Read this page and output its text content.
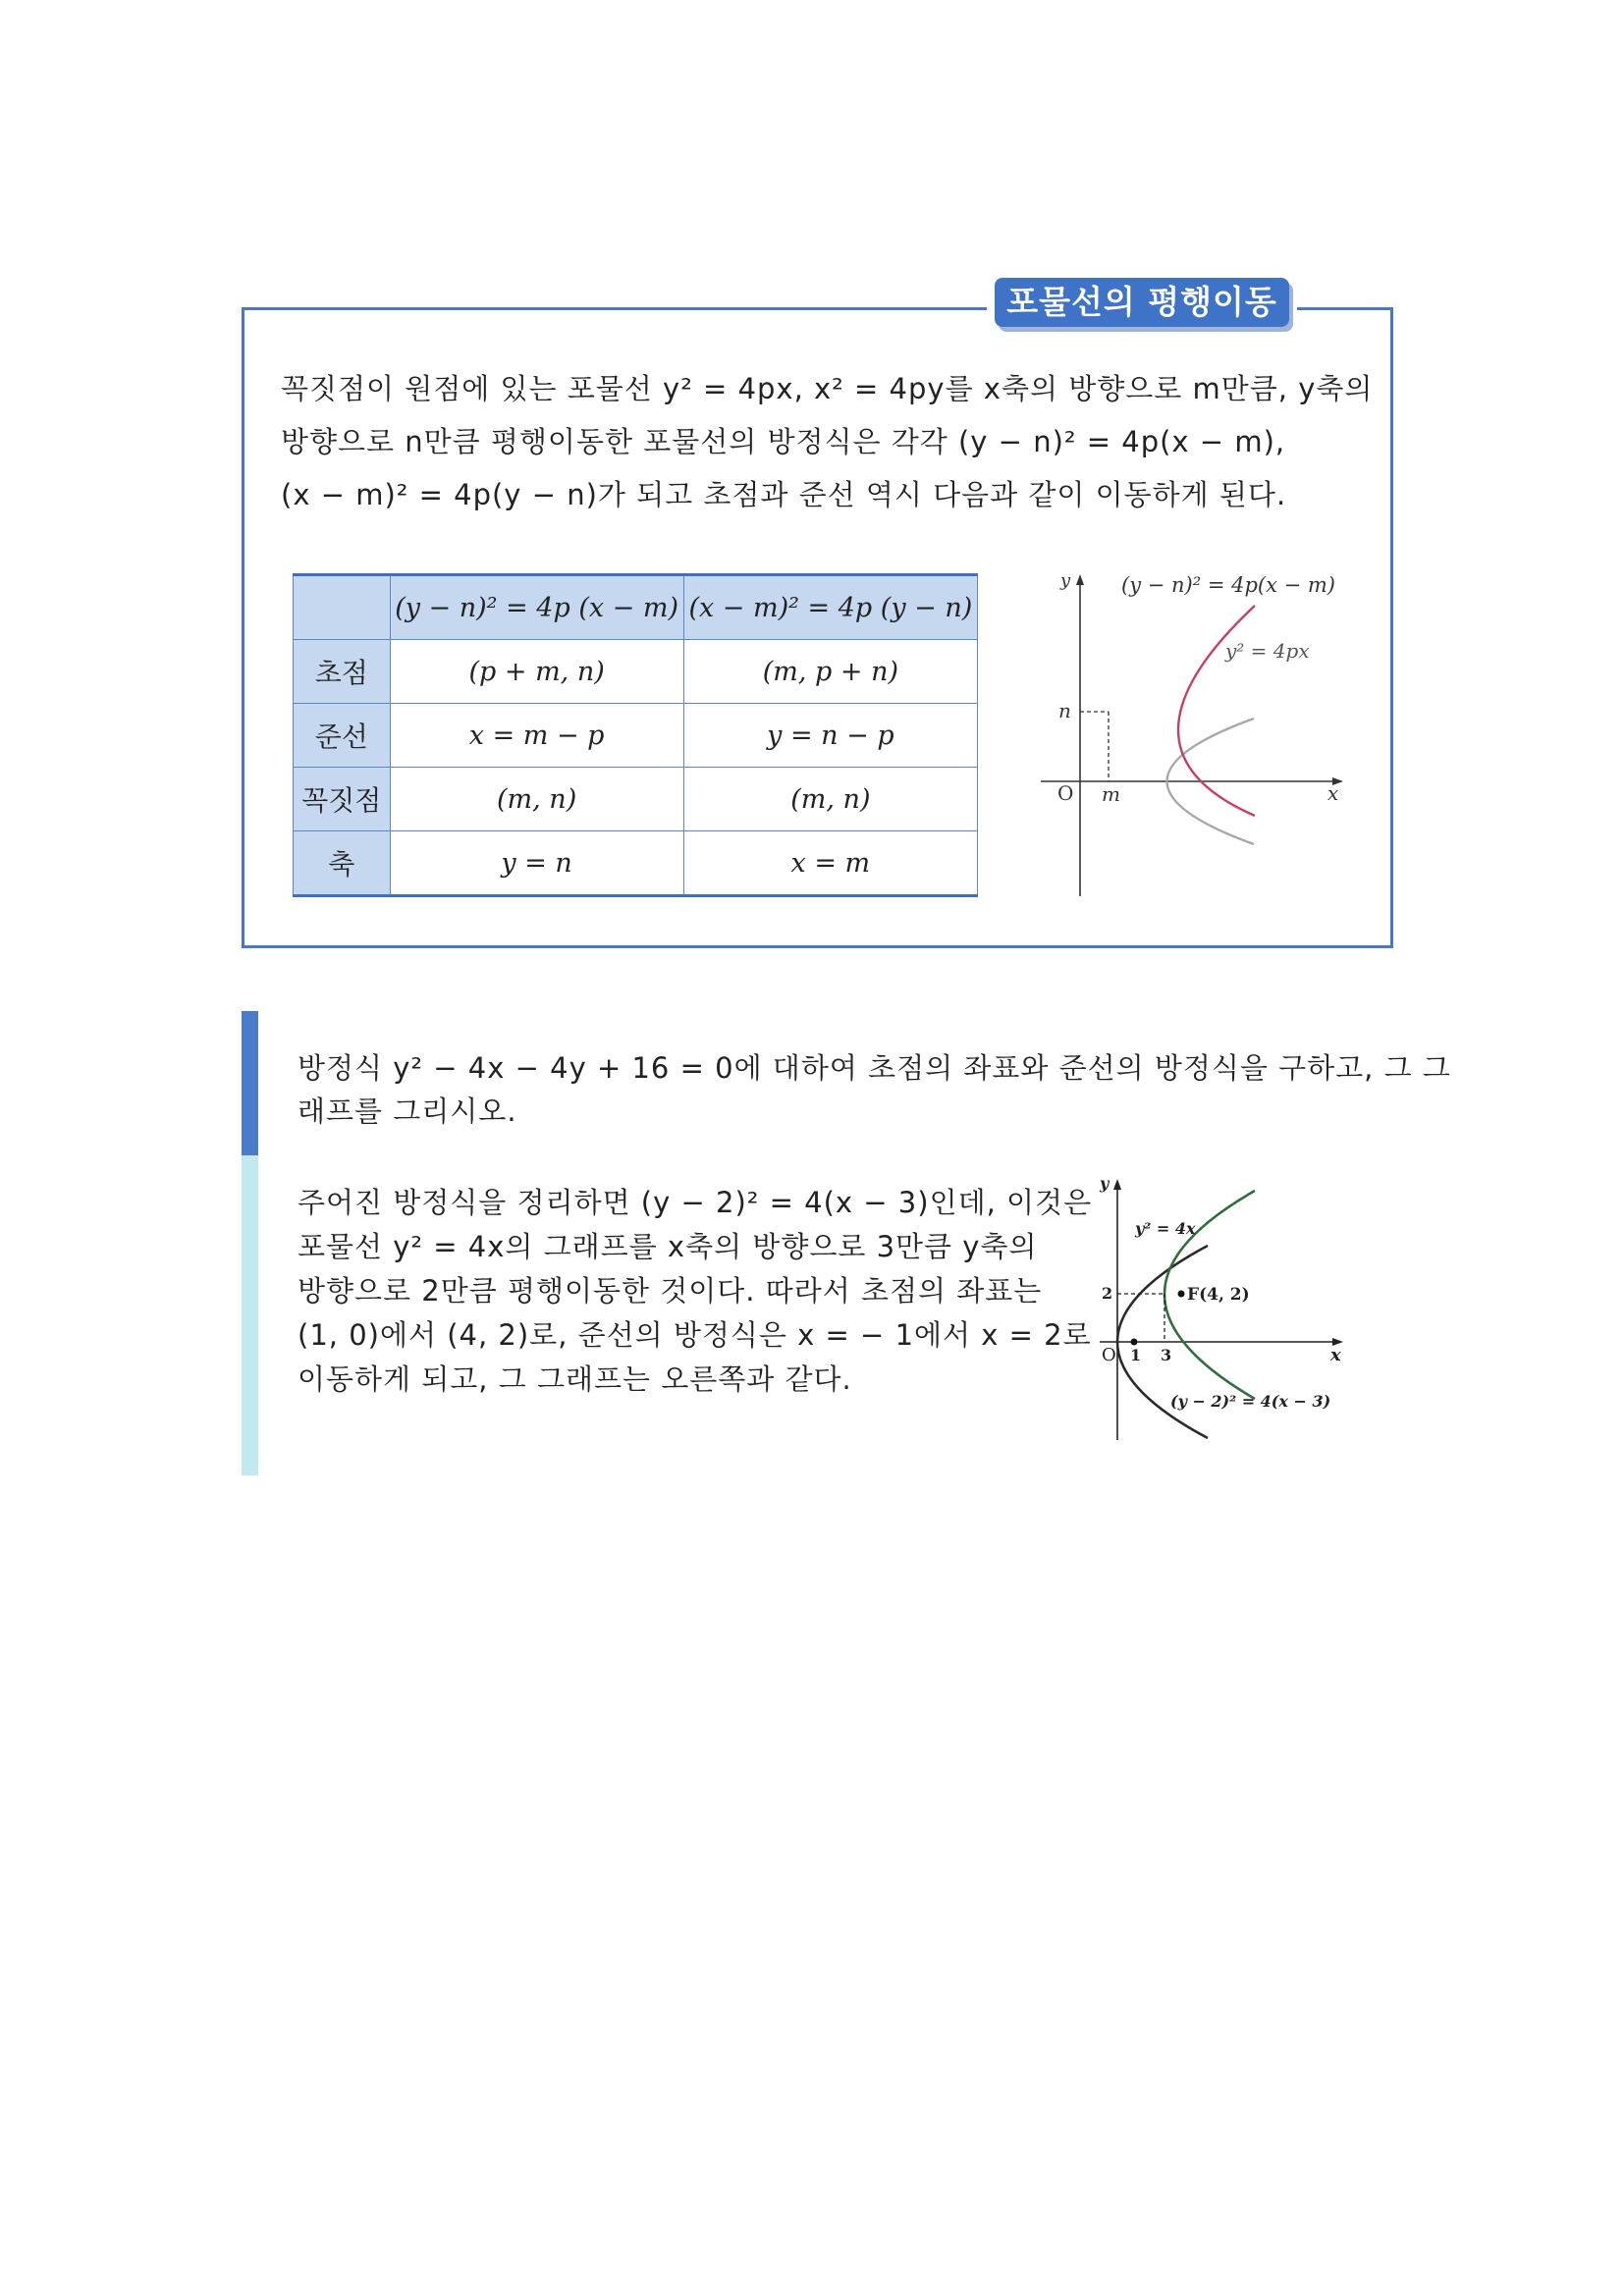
포물선의 평행이동
꼭짓점이 원점에 있는 포물선 y² = 4px, x² = 4py를 x축의 방향으로 m만큼, y축의
방향으로 n만큼 평행이동한 포물선의 방정식은 각각 (y − n)² = 4p(x − m),
(x − m)² = 4p(y − n)가 되고 초점과 준선 역시 다음과 같이 이동하게 된다.
	(y − n)² = 4p (x − m)	(x − m)² = 4p (y − n)
초점	(p + m, n)	(m, p + n)
준선	x = m − p	y = n − p
꼭짓점	(m, n)	(m, n)
축	y = n	x = m
y
x
O m
n
(y − n)² = 4p(x − m)
y² = 4px
방정식 y² − 4x − 4y + 16 = 0에 대하여 초점의 좌표와 준선의 방정식을 구하고, 그 그
래프를 그리시오.
주어진 방정식을 정리하면 (y − 2)² = 4(x − 3)인데, 이것은
포물선 y² = 4x의 그래프를 x축의 방향으로 3만큼 y축의
방향으로 2만큼 평행이동한 것이다. 따라서 초점의 좌표는
(1, 0)에서 (4, 2)로, 준선의 방정식은 x = − 1에서 x = 2로
이동하게 되고, 그 그래프는 오른쪽과 같다.
y
x
O 1 3
2	F(4, 2)
y² = 4x
(y − 2)² = 4(x − 3)
